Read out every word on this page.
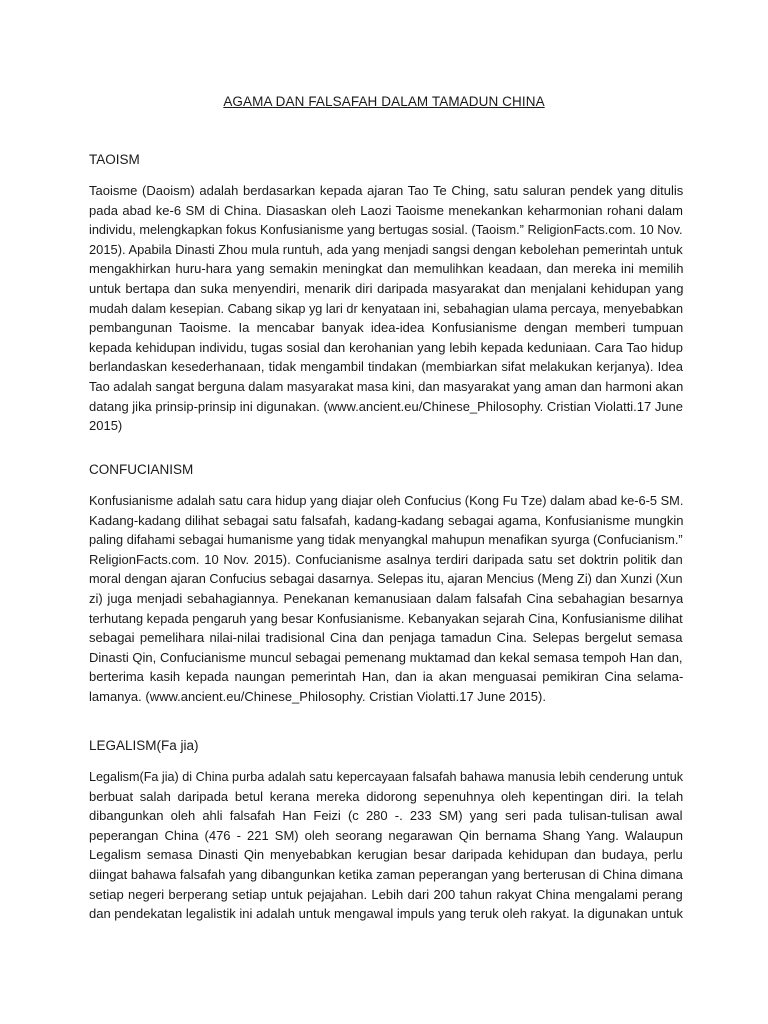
AGAMA DAN FALSAFAH DALAM TAMADUN CHINA
TAOISM
Taoisme (Daoism) adalah berdasarkan kepada ajaran Tao Te Ching, satu saluran pendek yang ditulis
pada abad ke-6 SM di China. Diasaskan oleh Laozi Taoisme menekankan keharmonian rohani dalam
individu, melengkapkan fokus Konfusianisme yang bertugas sosial. (Taoism.” ReligionFacts.com. 10 Nov.
2015). Apabila Dinasti Zhou mula runtuh, ada yang menjadi sangsi dengan kebolehan pemerintah untuk
mengakhirkan huru-hara yang semakin meningkat dan memulihkan keadaan, dan mereka ini memilih
untuk bertapa dan suka menyendiri, menarik diri daripada masyarakat dan menjalani kehidupan yang
mudah dalam kesepian. Cabang sikap yg lari dr kenyataan ini, sebahagian ulama percaya, menyebabkan
pembangunan Taoisme. Ia mencabar banyak idea-idea Konfusianisme dengan memberi tumpuan
kepada kehidupan individu, tugas sosial dan kerohanian yang lebih kepada keduniaan. Cara Tao hidup
berlandaskan kesederhanaan, tidak mengambil tindakan (membiarkan sifat melakukan kerjanya). Idea
Tao adalah sangat berguna dalam masyarakat masa kini, dan masyarakat yang aman dan harmoni akan
datang jika prinsip-prinsip ini digunakan. (www.ancient.eu/Chinese_Philosophy. Cristian Violatti.17 June
2015)
CONFUCIANISM
Konfusianisme adalah satu cara hidup yang diajar oleh Confucius (Kong Fu Tze) dalam abad ke-6-5 SM.
Kadang-kadang dilihat sebagai satu falsafah, kadang-kadang sebagai agama, Konfusianisme mungkin
paling difahami sebagai humanisme yang tidak menyangkal mahupun menafikan syurga (Confucianism.”
ReligionFacts.com. 10 Nov. 2015). Confucianisme asalnya terdiri daripada satu set doktrin politik dan
moral dengan ajaran Confucius sebagai dasarnya. Selepas itu, ajaran Mencius (Meng Zi) dan Xunzi (Xun
zi) juga menjadi sebahagiannya. Penekanan kemanusiaan dalam falsafah Cina sebahagian besarnya
terhutang kepada pengaruh yang besar Konfusianisme. Kebanyakan sejarah Cina, Konfusianisme dilihat
sebagai pemelihara nilai-nilai tradisional Cina dan penjaga tamadun Cina. Selepas bergelut semasa
Dinasti Qin, Confucianisme muncul sebagai pemenang muktamad dan kekal semasa tempoh Han dan,
berterima kasih kepada naungan pemerintah Han, dan ia akan menguasai pemikiran Cina selama-
lamanya. (www.ancient.eu/Chinese_Philosophy. Cristian Violatti.17 June 2015).
LEGALISM(Fa jia)
Legalism(Fa jia) di China purba adalah satu kepercayaan falsafah bahawa manusia lebih cenderung untuk
berbuat salah daripada betul kerana mereka didorong sepenuhnya oleh kepentingan diri. Ia telah
dibangunkan oleh ahli falsafah Han Feizi (c 280 -. 233 SM) yang seri pada tulisan-tulisan awal
peperangan China (476 - 221 SM) oleh seorang negarawan Qin bernama Shang Yang. Walaupun
Legalism semasa Dinasti Qin menyebabkan kerugian besar daripada kehidupan dan budaya, perlu
diingat bahawa falsafah yang dibangunkan ketika zaman peperangan yang berterusan di China dimana
setiap negeri berperang setiap untuk pejajahan. Lebih dari 200 tahun rakyat China mengalami perang
dan pendekatan legalistik ini adalah untuk mengawal impuls yang teruk oleh rakyat. Ia digunakan untuk
